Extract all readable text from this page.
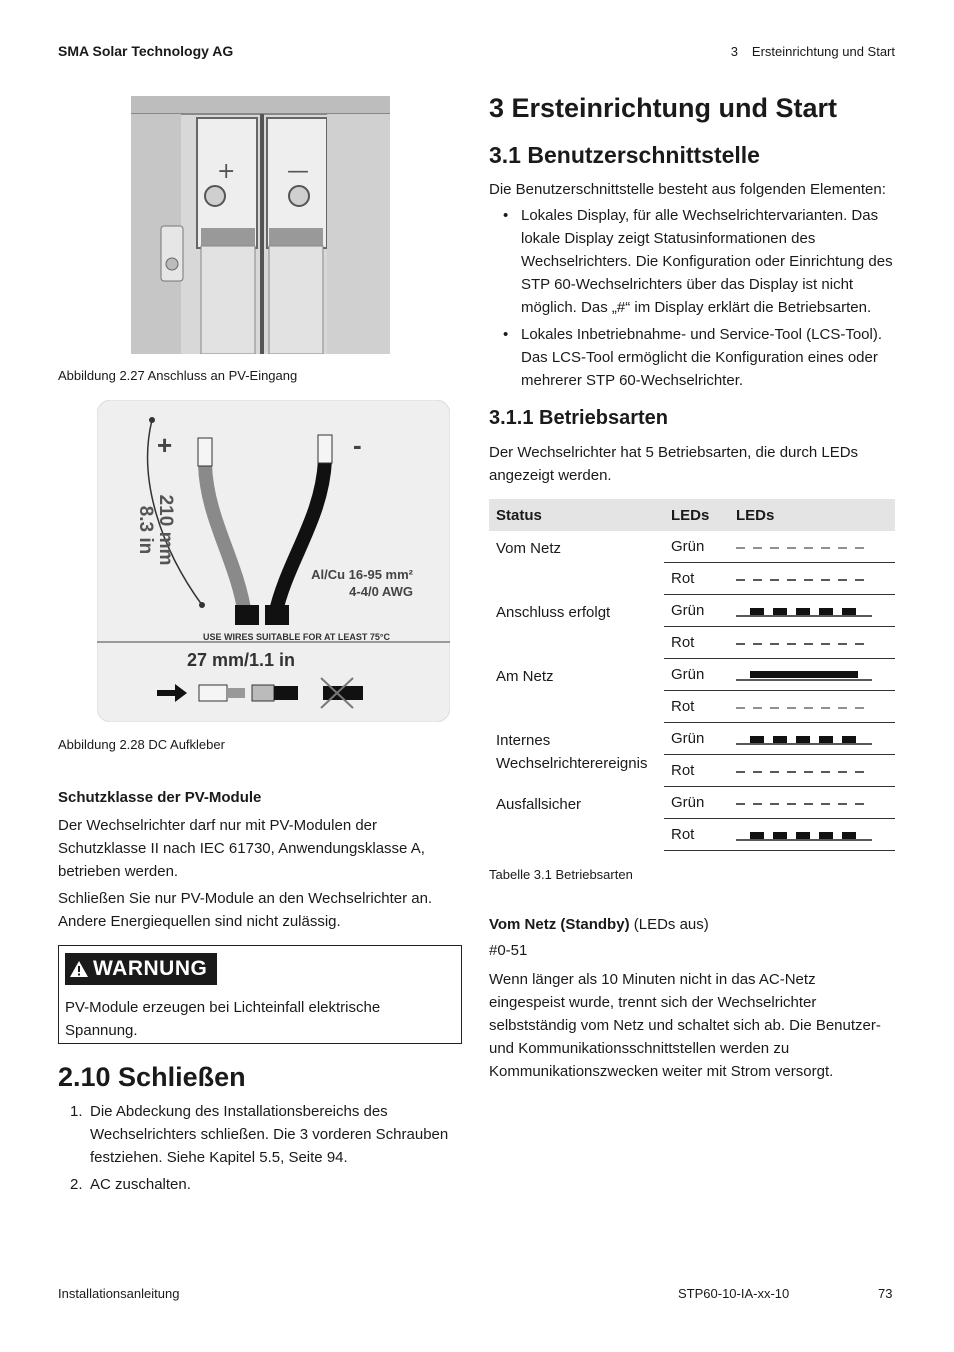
SMA Solar Technology AG	3 Ersteinrichtung und Start
+ —
Abbildung 2.27 Anschluss an PV-Eingang
+	-
210 mm
8.3 in
Al/Cu 16-95 mm²
4-4/0 AWG
USE WIRES SUITABLE FOR AT LEAST 75°C
27 mm/1.1 in
Abbildung 2.28 DC Aufkleber
Schutzklasse der PV-Module
Der Wechselrichter darf nur mit PV-Modulen der Schutzklasse II nach IEC 61730, Anwendungsklasse A, betrieben werden.
Schließen Sie nur PV-Module an den Wechselrichter an. Andere Energiequellen sind nicht zulässig.
WARNUNG
PV-Module erzeugen bei Lichteinfall elektrische Spannung.
2.10 Schließen
1. Die Abdeckung des Installationsbereichs des Wechselrichters schließen. Die 3 vorderen Schrauben festziehen. Siehe Kapitel 5.5, Seite 94.
2. AC zuschalten.
3 Ersteinrichtung und Start
3.1 Benutzerschnittstelle
Die Benutzerschnittstelle besteht aus folgenden Elementen:
• Lokales Display, für alle Wechselrichtervarianten. Das lokale Display zeigt Statusinformationen des Wechselrichters. Die Konfiguration oder Einrichtung des STP 60-Wechselrichters über das Display ist nicht möglich. Das „#“ im Display erklärt die Betriebsarten.
• Lokales Inbetriebnahme- und Service-Tool (LCS-Tool). Das LCS-Tool ermöglicht die Konfiguration eines oder mehrerer STP 60-Wechselrichter.
3.1.1 Betriebsarten
Der Wechselrichter hat 5 Betriebsarten, die durch LEDs angezeigt werden.
Status	LEDs	LEDs
Vom Netz	Grün	

	Rot	

Anschluss erfolgt	Grün	

	Rot	

Am Netz	Grün	

	Rot	

Internes Wechselrichterereignis	Grün	

	Rot	

Ausfallsicher	Grün	

	Rot	
Tabelle 3.1 Betriebsarten
Vom Netz (Standby) (LEDs aus)
#0-51
Wenn länger als 10 Minuten nicht in das AC-Netz eingespeist wurde, trennt sich der Wechselrichter selbstständig vom Netz und schaltet sich ab. Die Benutzer- und Kommunikationsschnittstellen werden zu Kommunikationszwecken weiter mit Strom versorgt.
Installationsanleitung	STP60-10-IA-xx-10	73
